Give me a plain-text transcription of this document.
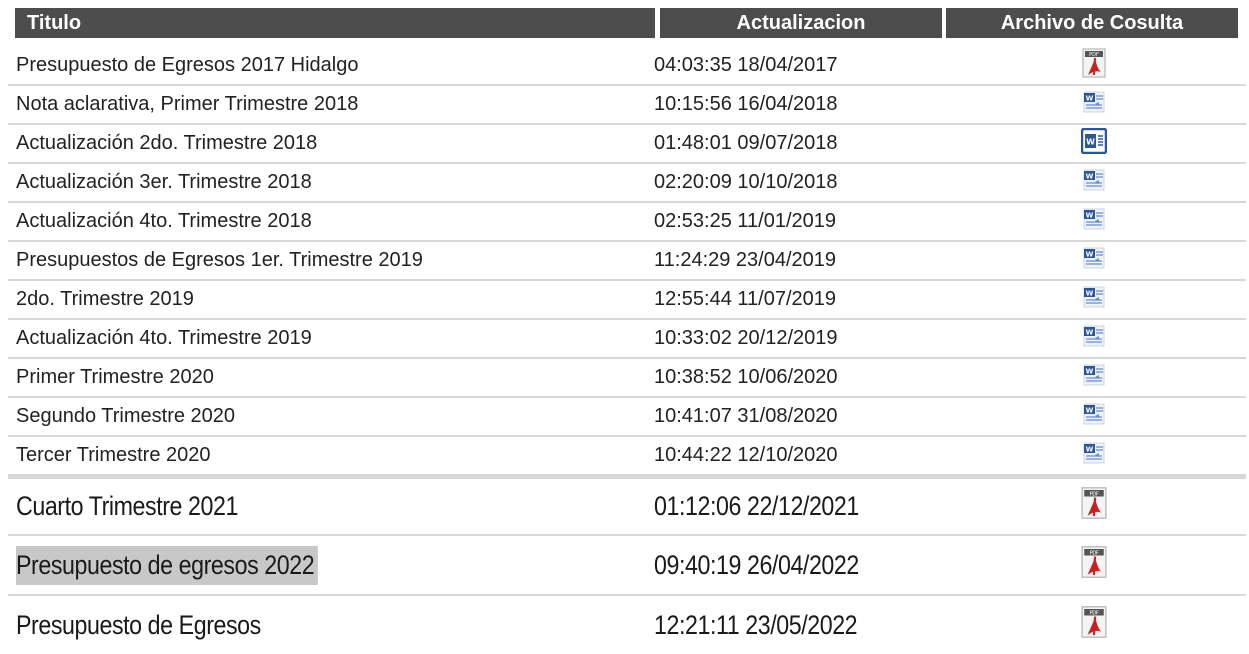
Titulo	Actualizacion	Archivo de Cosulta
Presupuesto de Egresos 2017 Hidalgo	04:03:35 18/04/2017	PDF
Nota aclarativa, Primer Trimestre 2018	10:15:56 16/04/2018	W
Actualización 2do. Trimestre 2018	01:48:01 09/07/2018	W
Actualización 3er. Trimestre 2018	02:20:09 10/10/2018	W
Actualización 4to. Trimestre 2018	02:53:25 11/01/2019	W
Presupuestos de Egresos 1er. Trimestre 2019	11:24:29 23/04/2019	W
2do. Trimestre 2019	12:55:44 11/07/2019	W
Actualización 4to. Trimestre 2019	10:33:02 20/12/2019	W
Primer Trimestre 2020	10:38:52 10/06/2020	W
Segundo Trimestre 2020	10:41:07 31/08/2020	W
Tercer Trimestre 2020	10:44:22 12/10/2020	W
Cuarto Trimestre 2021	01:12:06 22/12/2021	PDF
Presupuesto de egresos 2022	09:40:19 26/04/2022	PDF
Presupuesto de Egresos	12:21:11 23/05/2022	PDF
